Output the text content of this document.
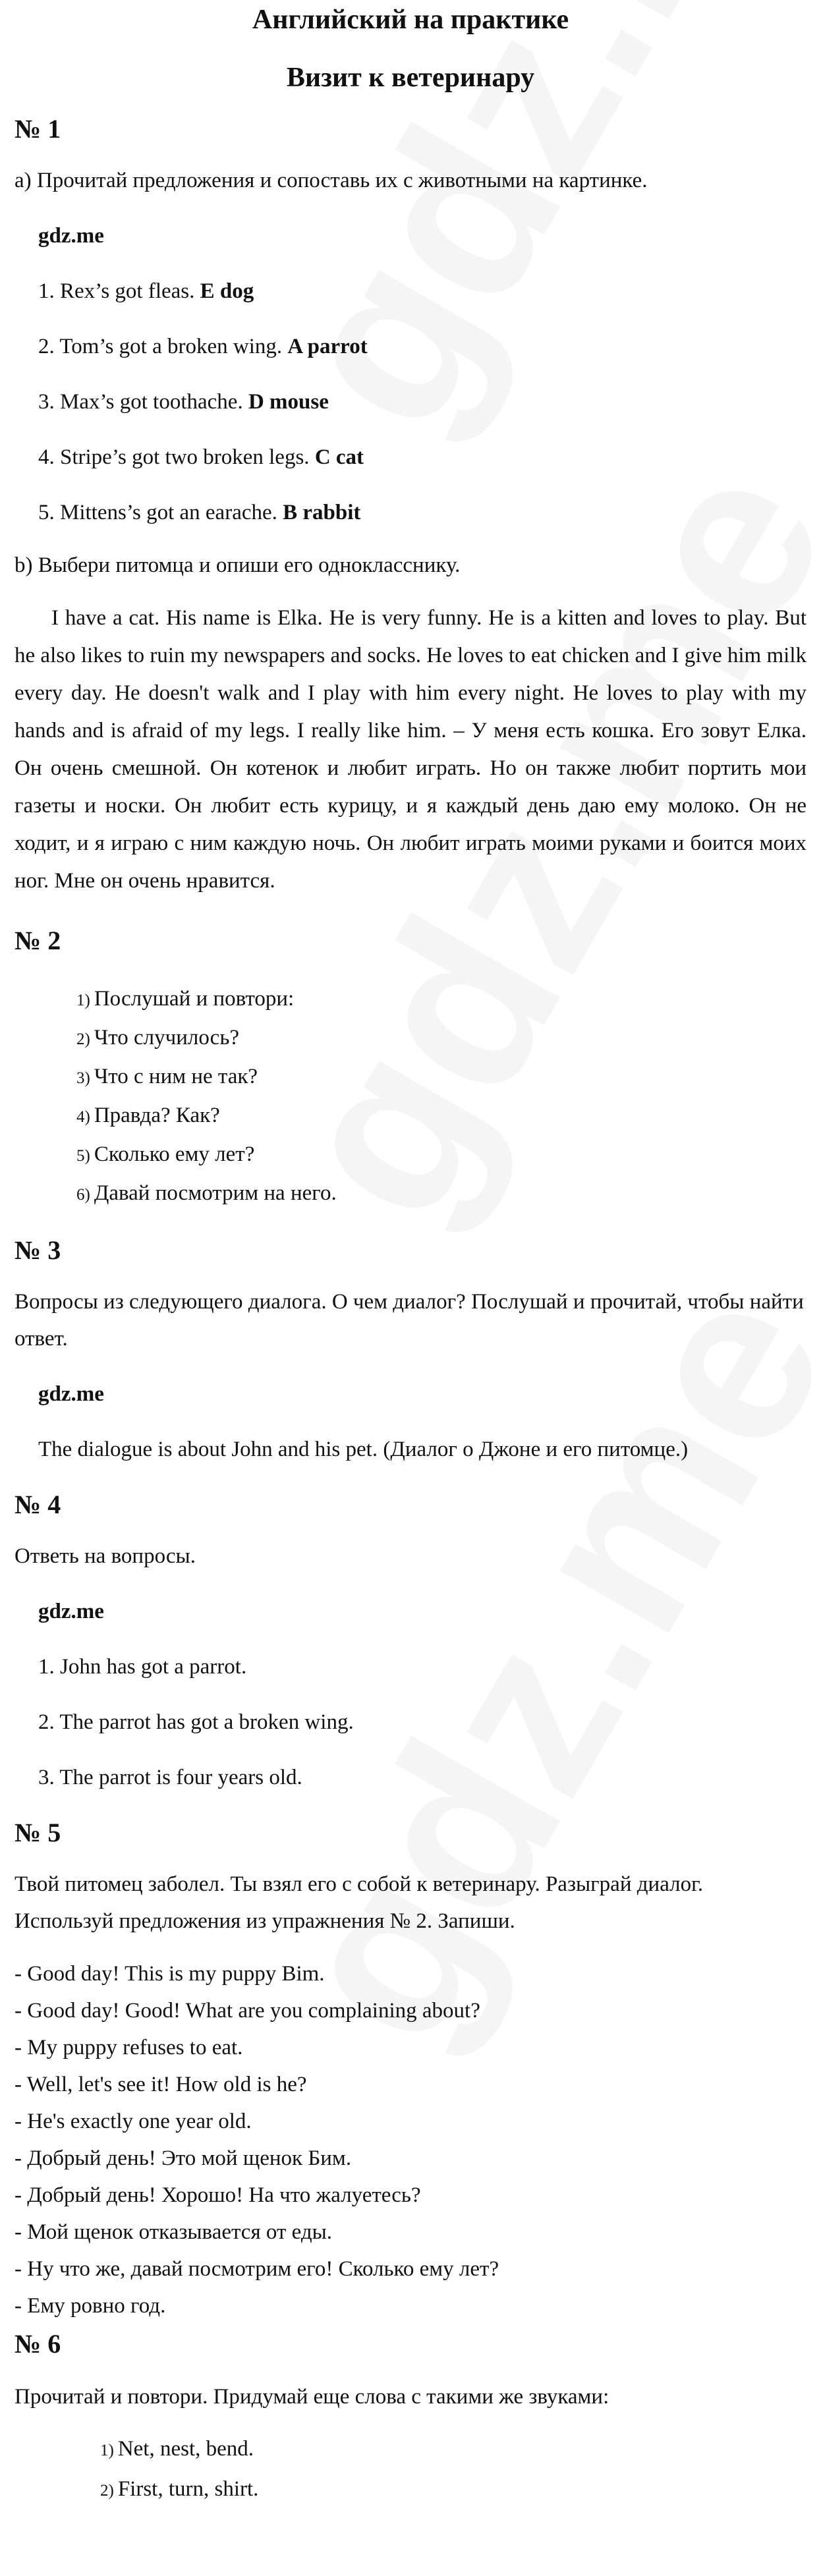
Английский на практике
Визит к ветеринару
№ 1

а) Прочитай предложения и сопоставь их с животными на картинке.

gdz.me

1. Rex’s got fleas. E dog

2. Tom’s got a broken wing. A parrot

3. Max’s got toothache. D mouse

4. Stripe’s got two broken legs. C cat

5. Mittens’s got an earache. B rabbit

b) Выбери питомца и опиши его однокласснику.

I have a cat. His name is Elka. He is very funny. He is a kitten and loves to play. But he also likes to ruin my newspapers and socks. He loves to eat chicken and I give him milk every day. He doesn't walk and I play with him every night. He loves to play with my hands and is afraid of my legs. I really like him. – У меня есть кошка. Его зовут Елка. Он очень смешной. Он котенок и любит играть. Но он также любит портить мои газеты и носки. Он любит есть курицу, и я каждый день даю ему молоко. Он не ходит, и я играю с ним каждую ночь. Он любит играть моими руками и боится моих ног. Мне он очень нравится.

№ 2
1) Послушай и повтори:
2) Что случилось?
3) Что с ним не так?
4) Правда? Как?
5) Сколько ему лет?
6) Давай посмотрим на него.
№ 3

Вопросы из следующего диалога. О чем диалог? Послушай и прочитай, чтобы найти ответ.

gdz.me

The dialogue is about John and his pet. (Диалог о Джоне и его питомце.)

№ 4

Ответь на вопросы.

gdz.me

1. John has got a parrot.

2. The parrot has got a broken wing.

3. The parrot is four years old.

№ 5

Твой питомец заболел. Ты взял его с собой к ветеринару. Разыграй диалог. Используй предложения из упражнения № 2. Запиши.

- Good day! This is my puppy Bim.
- Good day! Good! What are you complaining about?
- My puppy refuses to eat.
- Well, let's see it! How old is he?
- He's exactly one year old.
- Добрый день! Это мой щенок Бим.
- Добрый день! Хорошо! На что жалуетесь?
- Мой щенок отказывается от еды.
- Ну что же, давай посмотрим его! Сколько ему лет?
- Ему ровно год.
№ 6

Прочитай и повтори. Придумай еще слова с такими же звуками:

1) Net, nest, bend.
2) First, turn, shirt.
